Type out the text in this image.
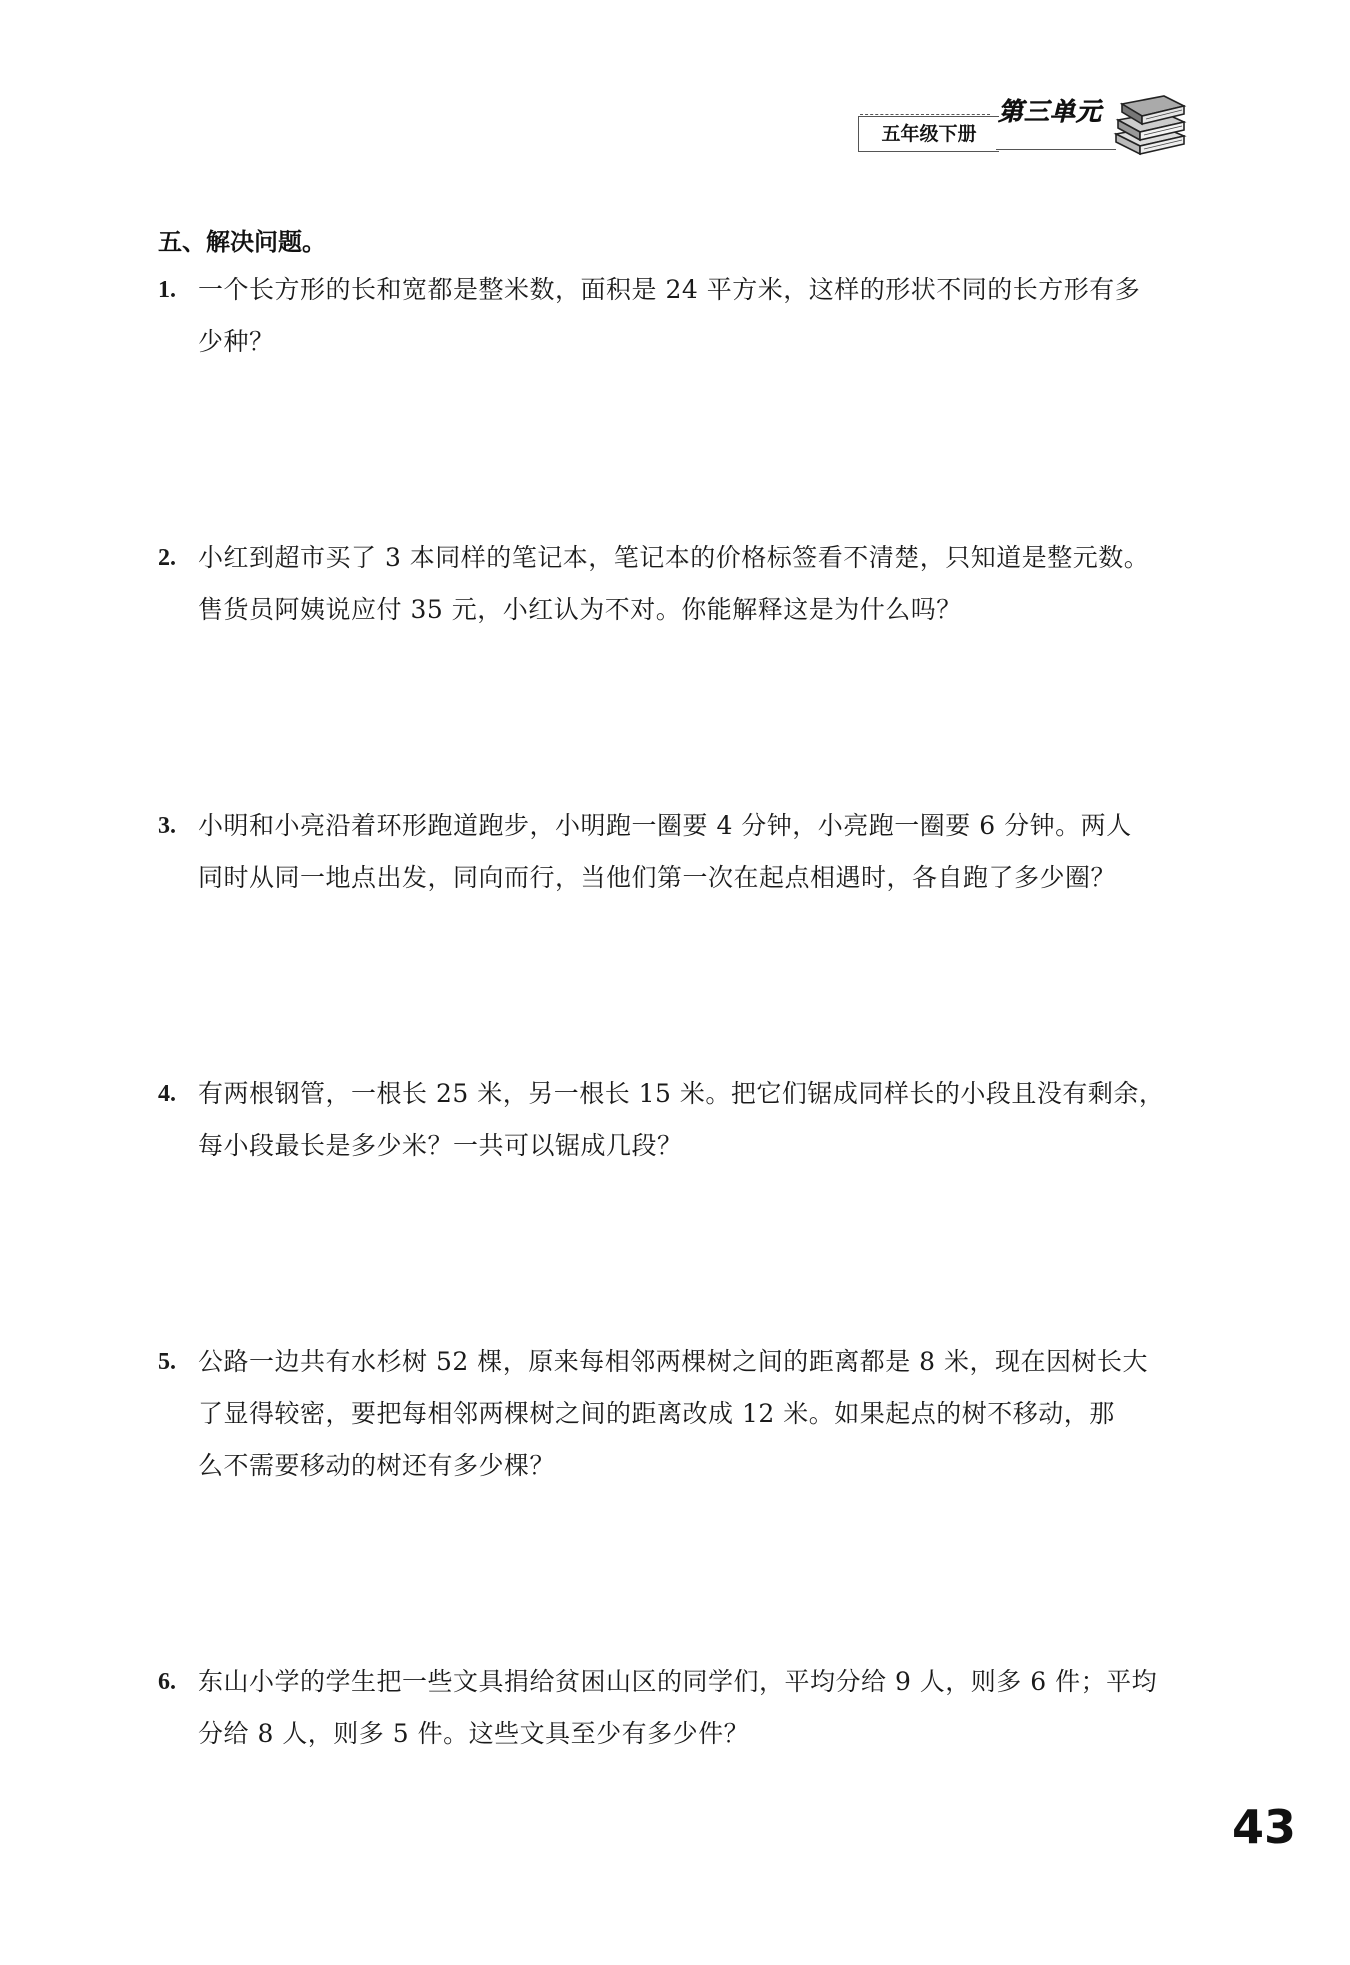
五年级下册
第三单元
五、解决问题。
1. 一个长方形的长和宽都是整米数，面积是 24 平方米，这样的形状不同的长方形有多
少种？
2. 小红到超市买了 3 本同样的笔记本，笔记本的价格标签看不清楚，只知道是整元数。
售货员阿姨说应付 35 元，小红认为不对。你能解释这是为什么吗？
3. 小明和小亮沿着环形跑道跑步，小明跑一圈要 4 分钟，小亮跑一圈要 6 分钟。两人
同时从同一地点出发，同向而行，当他们第一次在起点相遇时，各自跑了多少圈？
4. 有两根钢管，一根长 25 米，另一根长 15 米。把它们锯成同样长的小段且没有剩余，
每小段最长是多少米？一共可以锯成几段？
5. 公路一边共有水杉树 52 棵，原来每相邻两棵树之间的距离都是 8 米，现在因树长大
了显得较密，要把每相邻两棵树之间的距离改成 12 米。如果起点的树不移动，那
么不需要移动的树还有多少棵？
6. 东山小学的学生把一些文具捐给贫困山区的同学们，平均分给 9 人，则多 6 件；平均
分给 8 人，则多 5 件。这些文具至少有多少件？
43
